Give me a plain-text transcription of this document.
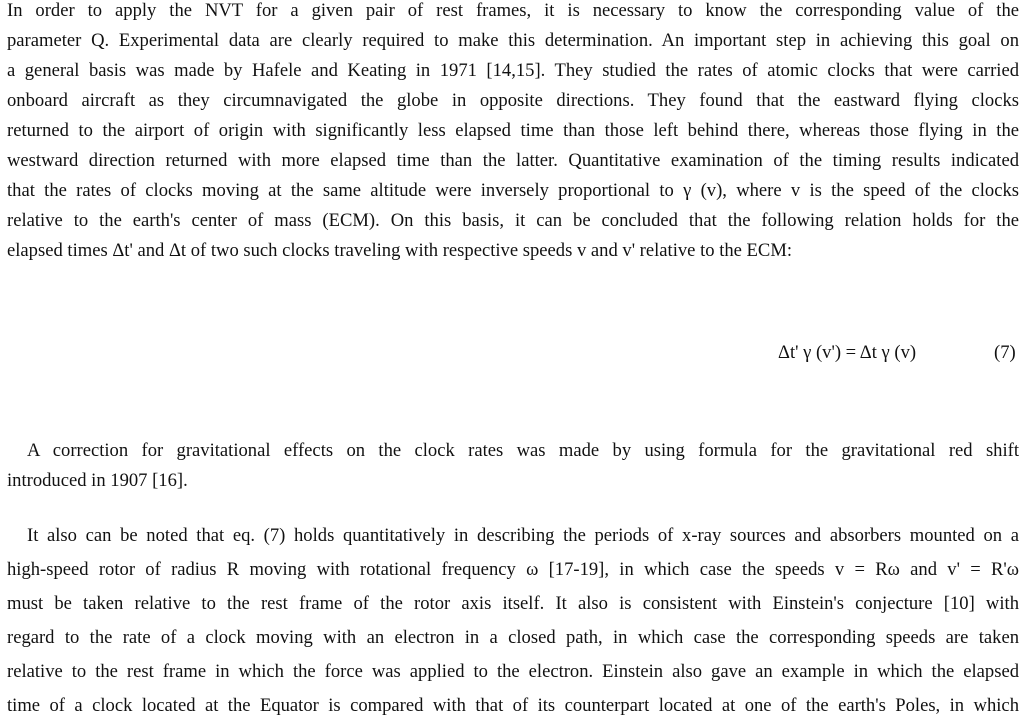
In order to apply the NVT for a given pair of rest frames, it is necessary to know the corresponding value of the
parameter Q. Experimental data are clearly required to make this determination. An important step in achieving this goal on
a general basis was made by Hafele and Keating in 1971 [14,15]. They studied the rates of atomic clocks that were carried
onboard aircraft as they circumnavigated the globe in opposite directions. They found that the eastward flying clocks
returned to the airport of origin with significantly less elapsed time than those left behind there, whereas those flying in the
westward direction returned with more elapsed time than the latter. Quantitative examination of the timing results indicated
that the rates of clocks moving at the same altitude were inversely proportional to γ (v), where v is the speed of the clocks
relative to the earth's center of mass (ECM). On this basis, it can be concluded that the following relation holds for the
elapsed times Δt' and Δt of two such clocks traveling with respective speeds v and v' relative to the ECM:
Δt' γ (v') = Δt γ (v)	(7)
A correction for gravitational effects on the clock rates was made by using formula for the gravitational red shift
introduced in 1907 [16].
It also can be noted that eq. (7) holds quantitatively in describing the periods of x-ray sources and absorbers mounted on a
high-speed rotor of radius R moving with rotational frequency ω [17-19], in which case the speeds v = Rω and v' = R'ω
must be taken relative to the rest frame of the rotor axis itself. It also is consistent with Einstein's conjecture [10] with
regard to the rate of a clock moving with an electron in a closed path, in which case the corresponding speeds are taken
relative to the rest frame in which the force was applied to the electron. Einstein also gave an example in which the elapsed
time of a clock located at the Equator is compared with that of its counterpart located at one of the earth's Poles, in which
